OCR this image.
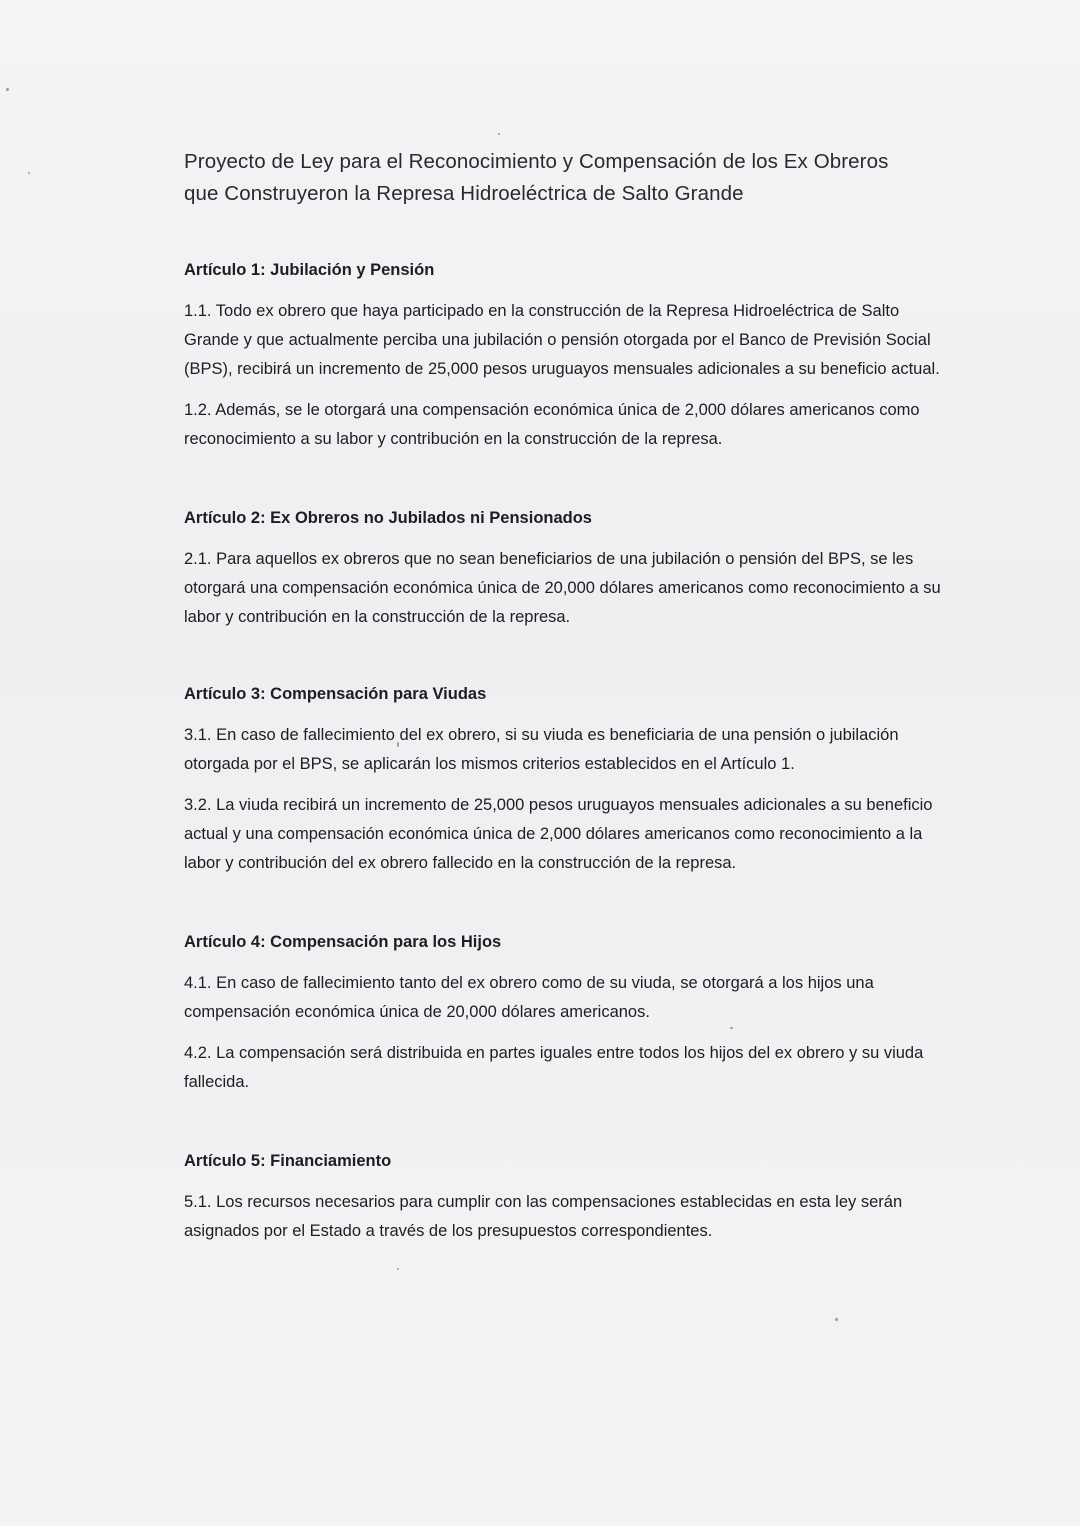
Proyecto de Ley para el Reconocimiento y Compensación de los Ex Obreros
que Construyeron la Represa Hidroeléctrica de Salto Grande
Artículo 1: Jubilación y Pensión

1.1. Todo ex obrero que haya participado en la construcción de la Represa Hidroeléctrica de Salto Grande y que actualmente perciba una jubilación o pensión otorgada por el Banco de Previsión Social (BPS), recibirá un incremento de 25,000 pesos uruguayos mensuales adicionales a su beneficio actual.

1.2. Además, se le otorgará una compensación económica única de 2,000 dólares americanos como reconocimiento a su labor y contribución en la construcción de la represa.

Artículo 2: Ex Obreros no Jubilados ni Pensionados

2.1. Para aquellos ex obreros que no sean beneficiarios de una jubilación o pensión del BPS, se les otorgará una compensación económica única de 20,000 dólares americanos como reconocimiento a su labor y contribución en la construcción de la represa.

Artículo 3: Compensación para Viudas

3.1. En caso de fallecimiento del ex obrero, si su viuda es beneficiaria de una pensión o jubilación otorgada por el BPS, se aplicarán los mismos criterios establecidos en el Artículo 1.

3.2. La viuda recibirá un incremento de 25,000 pesos uruguayos mensuales adicionales a su beneficio actual y una compensación económica única de 2,000 dólares americanos como reconocimiento a la labor y contribución del ex obrero fallecido en la construcción de la represa.

Artículo 4: Compensación para los Hijos

4.1. En caso de fallecimiento tanto del ex obrero como de su viuda, se otorgará a los hijos una compensación económica única de 20,000 dólares americanos.

4.2. La compensación será distribuida en partes iguales entre todos los hijos del ex obrero y su viuda fallecida.

Artículo 5: Financiamiento

5.1. Los recursos necesarios para cumplir con las compensaciones establecidas en esta ley serán asignados por el Estado a través de los presupuestos correspondientes.
